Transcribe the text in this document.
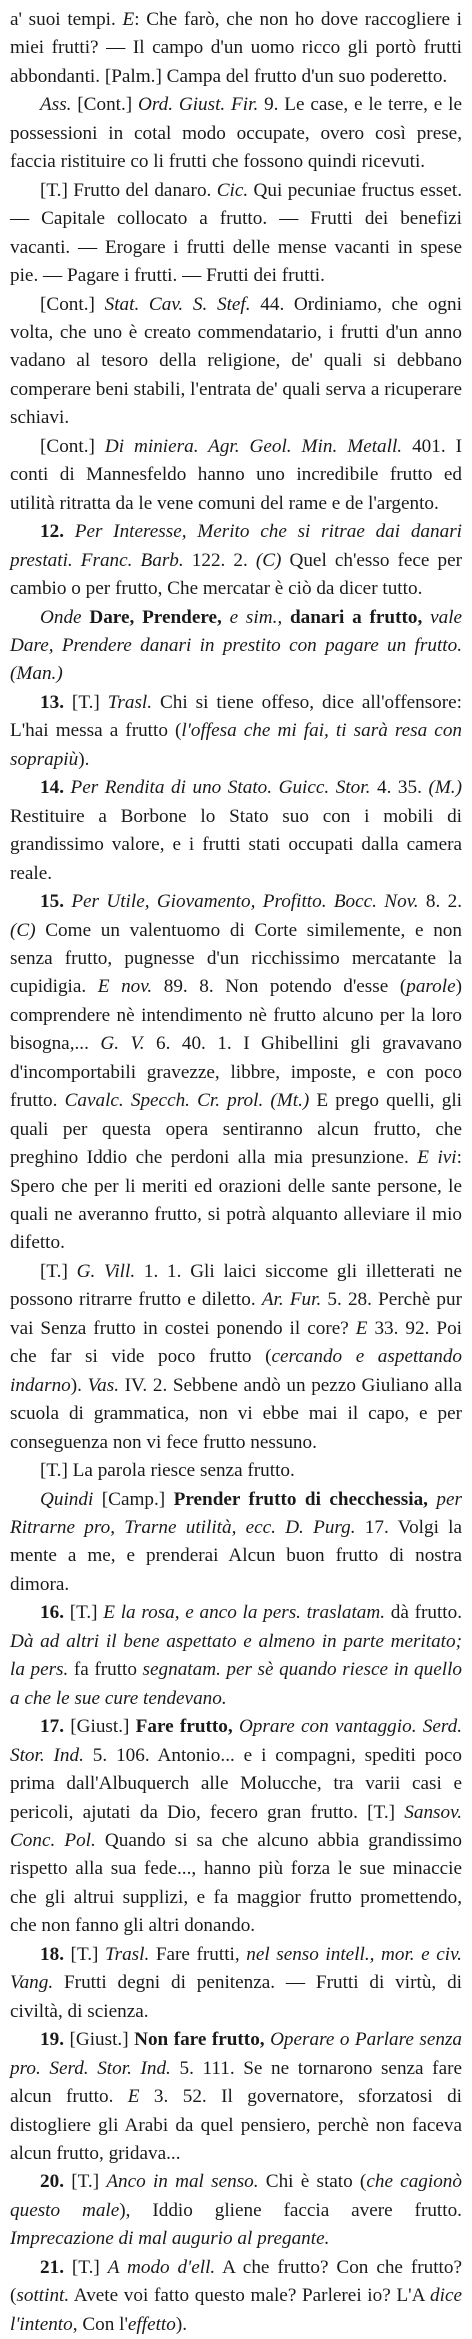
a' suoi tempi. E: Che farò, che non ho dove raccogliere i miei frutti? — Il campo d'un uomo ricco gli portò frutti abbondanti. [Palm.] Campa del frutto d'un suo poderetto.

Ass. [Cont.] Ord. Giust. Fir. 9. Le case, e le terre, e le possessioni in cotal modo occupate, overo così prese, faccia ristituire co li frutti che fossono quindi ricevuti.

[T.] Frutto del danaro. Cic. Qui pecuniae fructus esset. — Capitale collocato a frutto. — Frutti dei benefizi vacanti. — Erogare i frutti delle mense vacanti in spese pie. — Pagare i frutti. — Frutti dei frutti.

[Cont.] Stat. Cav. S. Stef. 44. Ordiniamo, che ogni volta, che uno è creato commendatario, i frutti d'un anno vadano al tesoro della religione, de' quali si debbano comperare beni stabili, l'entrata de' quali serva a ricuperare schiavi.

[Cont.] Di miniera. Agr. Geol. Min. Metall. 401. I conti di Mannesfeldo hanno uno incredibile frutto ed utilità ritratta da le vene comuni del rame e de l'argento.

12. Per Interesse, Merito che si ritrae dai danari prestati. Franc. Barb. 122. 2. (C) Quel ch'esso fece per cambio o per frutto, Che mercatar è ciò da dicer tutto.

Onde Dare, Prendere, e sim., danari a frutto, vale Dare, Prendere danari in prestito con pagare un frutto. (Man.)

13. [T.] Trasl. Chi si tiene offeso, dice all'offensore: L'hai messa a frutto (l'offesa che mi fai, ti sarà resa con soprapiù).

14. Per Rendita di uno Stato. Guicc. Stor. 4. 35. (M.) Restituire a Borbone lo Stato suo con i mobili di grandissimo valore, e i frutti stati occupati dalla camera reale.

15. Per Utile, Giovamento, Profitto. Bocc. Nov. 8. 2. (C) Come un valentuomo di Corte similemente, e non senza frutto, pugnesse d'un ricchissimo mercatante la cupidigia. E nov. 89. 8. Non potendo d'esse (parole) comprendere nè intendimento nè frutto alcuno per la loro bisogna,... G. V. 6. 40. 1. I Ghibellini gli gravavano d'incomportabili gravezze, libbre, imposte, e con poco frutto. Cavalc. Specch. Cr. prol. (Mt.) E prego quelli, gli quali per questa opera sentiranno alcun frutto, che preghino Iddio che perdoni alla mia presunzione. E ivi: Spero che per li meriti ed orazioni delle sante persone, le quali ne averanno frutto, si potrà alquanto alleviare il mio difetto.

[T.] G. Vill. 1. 1. Gli laici siccome gli illetterati ne possono ritrarre frutto e diletto. Ar. Fur. 5. 28. Perchè pur vai Senza frutto in costei ponendo il core? E 33. 92. Poi che far si vide poco frutto (cercando e aspettando indarno). Vas. IV. 2. Sebbene andò un pezzo Giuliano alla scuola di grammatica, non vi ebbe mai il capo, e per conseguenza non vi fece frutto nessuno.

[T.] La parola riesce senza frutto.

Quindi [Camp.] Prender frutto di checchessia, per Ritrarne pro, Trarne utilità, ecc. D. Purg. 17. Volgi la mente a me, e prenderai Alcun buon frutto di nostra dimora.

16. [T.] E la rosa, e anco la pers. traslatam. dà frutto. Dà ad altri il bene aspettato e almeno in parte meritato; la pers. fa frutto segnatam. per sè quando riesce in quello a che le sue cure tendevano.

17. [Giust.] Fare frutto, Oprare con vantaggio. Serd. Stor. Ind. 5. 106. Antonio... e i compagni, spediti poco prima dall'Albuquerch alle Molucche, tra varii casi e pericoli, ajutati da Dio, fecero gran frutto. [T.] Sansov. Conc. Pol. Quando si sa che alcuno abbia grandissimo rispetto alla sua fede..., hanno più forza le sue minaccie che gli altrui supplizi, e fa maggior frutto promettendo, che non fanno gli altri donando.

18. [T.] Trasl. Fare frutti, nel senso intell., mor. e civ. Vang. Frutti degni di penitenza. — Frutti di virtù, di civiltà, di scienza.

19. [Giust.] Non fare frutto, Operare o Parlare senza pro. Serd. Stor. Ind. 5. 111. Se ne tornarono senza fare alcun frutto. E 3. 52. Il governatore, sforzatosi di distogliere gli Arabi da quel pensiero, perchè non faceva alcun frutto, gridava...

20. [T.] Anco in mal senso. Chi è stato (che cagionò questo male), Iddio gliene faccia avere frutto. Imprecazione di mal augurio al pregante.

21. [T.] A modo d'ell. A che frutto? Con che frutto? (sottint. Avete voi fatto questo male? Parlerei io? L'A dice l'intento, Con l'effetto).
